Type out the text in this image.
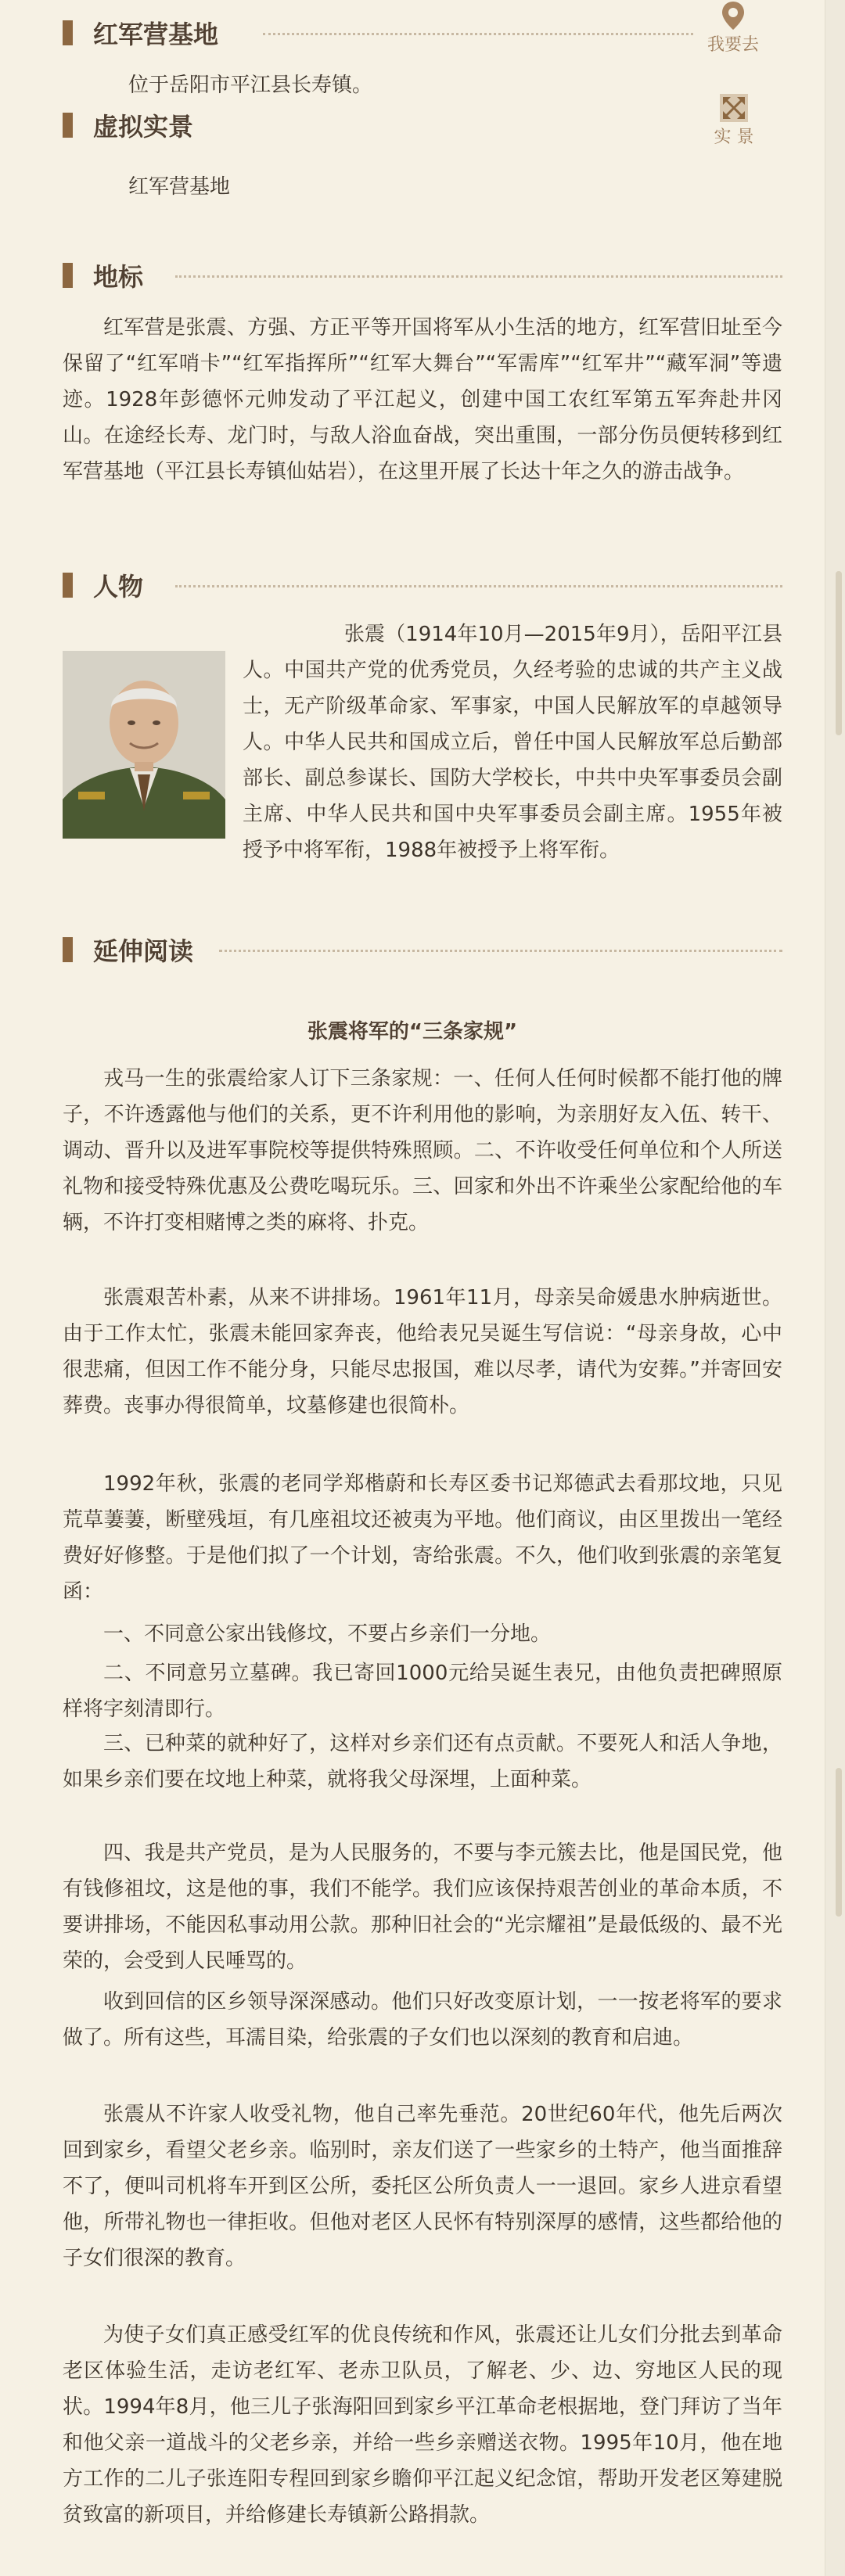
红军营基地	我要去
位于岳阳市平江县长寿镇。
虚拟实景	实 景
红军营基地
地标
红军营是张震、方强、方正平等开国将军从小生活的地方，红军营旧址至今保留了“红军哨卡”“红军指挥所”“红军大舞台”“军需库”“红军井”“藏军洞”等遗迹。1928年彭德怀元帅发动了平江起义，创建中国工农红军第五军奔赴井冈山。在途经长寿、龙门时，与敌人浴血奋战，突出重围，一部分伤员便转移到红军营基地（平江县长寿镇仙姑岩），在这里开展了长达十年之久的游击战争。
人物
张震（1914年10月—2015年9月），岳阳平江县人。中国共产党的优秀党员，久经考验的忠诚的共产主义战士，无产阶级革命家、军事家，中国人民解放军的卓越领导人。中华人民共和国成立后，曾任中国人民解放军总后勤部部长、副总参谋长、国防大学校长，中共中央军事委员会副主席、中华人民共和国中央军事委员会副主席。1955年被授予中将军衔，1988年被授予上将军衔。
延伸阅读
张震将军的“三条家规”
戎马一生的张震给家人订下三条家规：一、任何人任何时候都不能打他的牌子，不许透露他与他们的关系，更不许利用他的影响，为亲朋好友入伍、转干、调动、晋升以及进军事院校等提供特殊照顾。二、不许收受任何单位和个人所送礼物和接受特殊优惠及公费吃喝玩乐。三、回家和外出不许乘坐公家配给他的车辆，不许打变相赌博之类的麻将、扑克。
张震艰苦朴素，从来不讲排场。1961年11月，母亲吴命媛患水肿病逝世。由于工作太忙，张震未能回家奔丧，他给表兄吴诞生写信说：“母亲身故，心中很悲痛，但因工作不能分身，只能尽忠报国，难以尽孝，请代为安葬。”并寄回安葬费。丧事办得很简单，坟墓修建也很简朴。
1992年秋，张震的老同学郑楷蔚和长寿区委书记郑德武去看那坟地，只见荒草萋萋，断壁残垣，有几座祖坟还被夷为平地。他们商议，由区里拨出一笔经费好好修整。于是他们拟了一个计划，寄给张震。不久，他们收到张震的亲笔复函：
一、不同意公家出钱修坟，不要占乡亲们一分地。
二、不同意另立墓碑。我已寄回1000元给吴诞生表兄，由他负责把碑照原样将字刻清即行。
三、已种菜的就种好了，这样对乡亲们还有点贡献。不要死人和活人争地，如果乡亲们要在坟地上种菜，就将我父母深埋，上面种菜。
四、我是共产党员，是为人民服务的，不要与李元簇去比，他是国民党，他有钱修祖坟，这是他的事，我们不能学。我们应该保持艰苦创业的革命本质，不要讲排场，不能因私事动用公款。那种旧社会的“光宗耀祖”是最低级的、最不光荣的，会受到人民唾骂的。
收到回信的区乡领导深深感动。他们只好改变原计划，一一按老将军的要求做了。所有这些，耳濡目染，给张震的子女们也以深刻的教育和启迪。
张震从不许家人收受礼物，他自己率先垂范。20世纪60年代，他先后两次回到家乡，看望父老乡亲。临别时，亲友们送了一些家乡的土特产，他当面推辞不了，便叫司机将车开到区公所，委托区公所负责人一一退回。家乡人进京看望他，所带礼物也一律拒收。但他对老区人民怀有特别深厚的感情，这些都给他的子女们很深的教育。
为使子女们真正感受红军的优良传统和作风，张震还让儿女们分批去到革命老区体验生活，走访老红军、老赤卫队员，了解老、少、边、穷地区人民的现状。1994年8月，他三儿子张海阳回到家乡平江革命老根据地，登门拜访了当年和他父亲一道战斗的父老乡亲，并给一些乡亲赠送衣物。1995年10月，他在地方工作的二儿子张连阳专程回到家乡瞻仰平江起义纪念馆，帮助开发老区筹建脱贫致富的新项目，并给修建长寿镇新公路捐款。
